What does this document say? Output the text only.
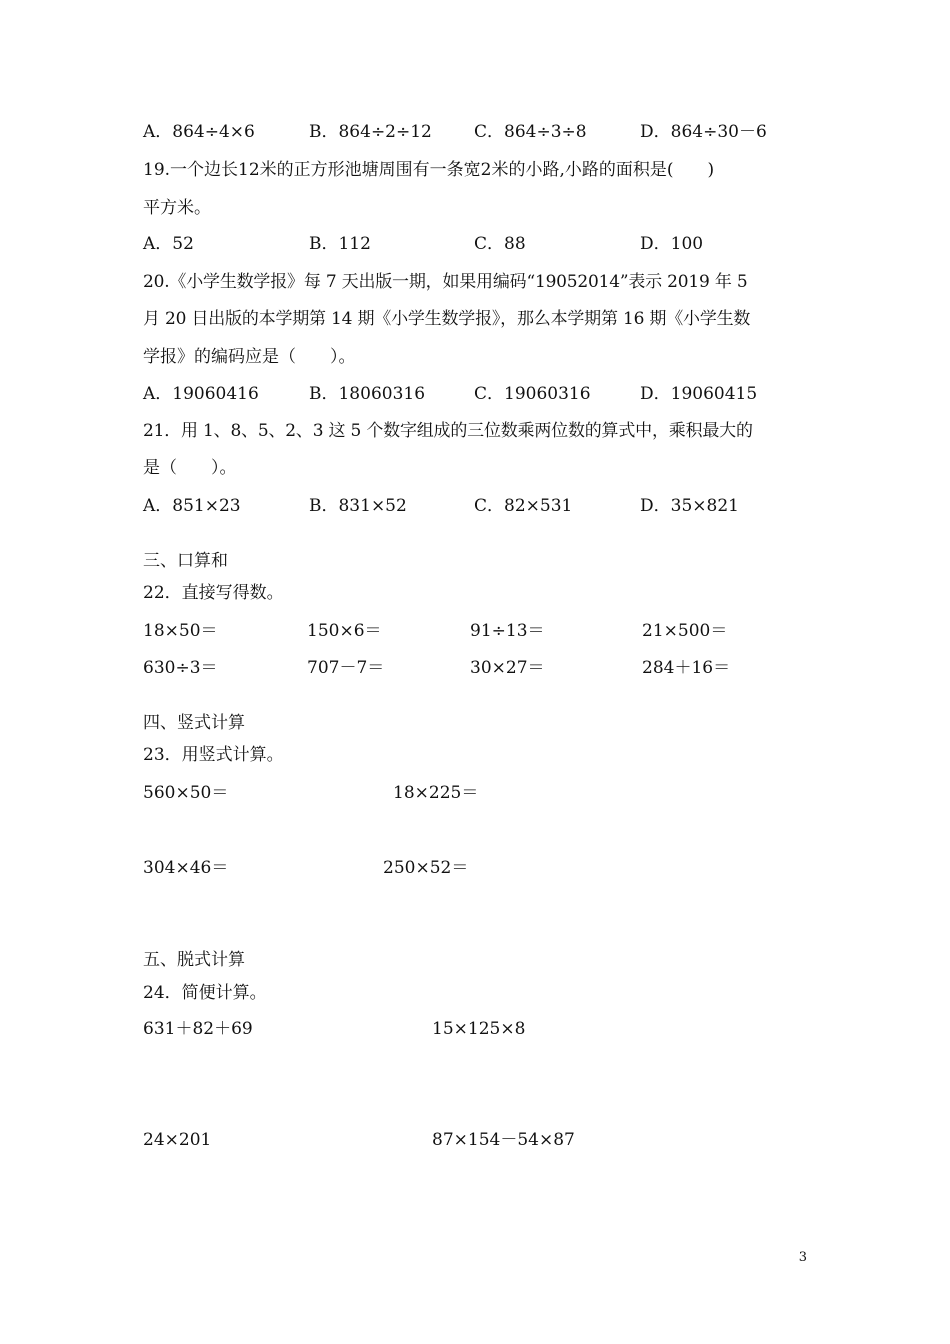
A．864÷4×6	B．864÷2÷12 C．864÷3÷8	D．864÷30－6
19.一个边长12米的正方形池塘周围有一条宽2米的小路,小路的面积是(　　)
平方米。
A．52	B．112	C．88	D．100
20.《小学生数学报》每 7 天出版一期，如果用编码“19052014”表示 2019 年 5
月 20 日出版的本学期第 14 期《小学生数学报》，那么本学期第 16 期《小学生数
学报》的编码应是（　　）。
A．19060416	B．18060316	C．19060316	D．19060415
21．用 1、8、5、2、3 这 5 个数字组成的三位数乘两位数的算式中，乘积最大的
是（　　）。
A．851×23	B．831×52	C．82×531	D．35×821
三、口算和
22．直接写得数。
18×50＝	150×6＝	91÷13＝	21×500＝
630÷3＝	707－7＝	30×27＝	284＋16＝
四、竖式计算
23．用竖式计算。
560×50＝	18×225＝
304×46＝	250×52＝
五、脱式计算
24．简便计算。
631＋82＋69	15×125×8
24×201	87×154－54×87
3
